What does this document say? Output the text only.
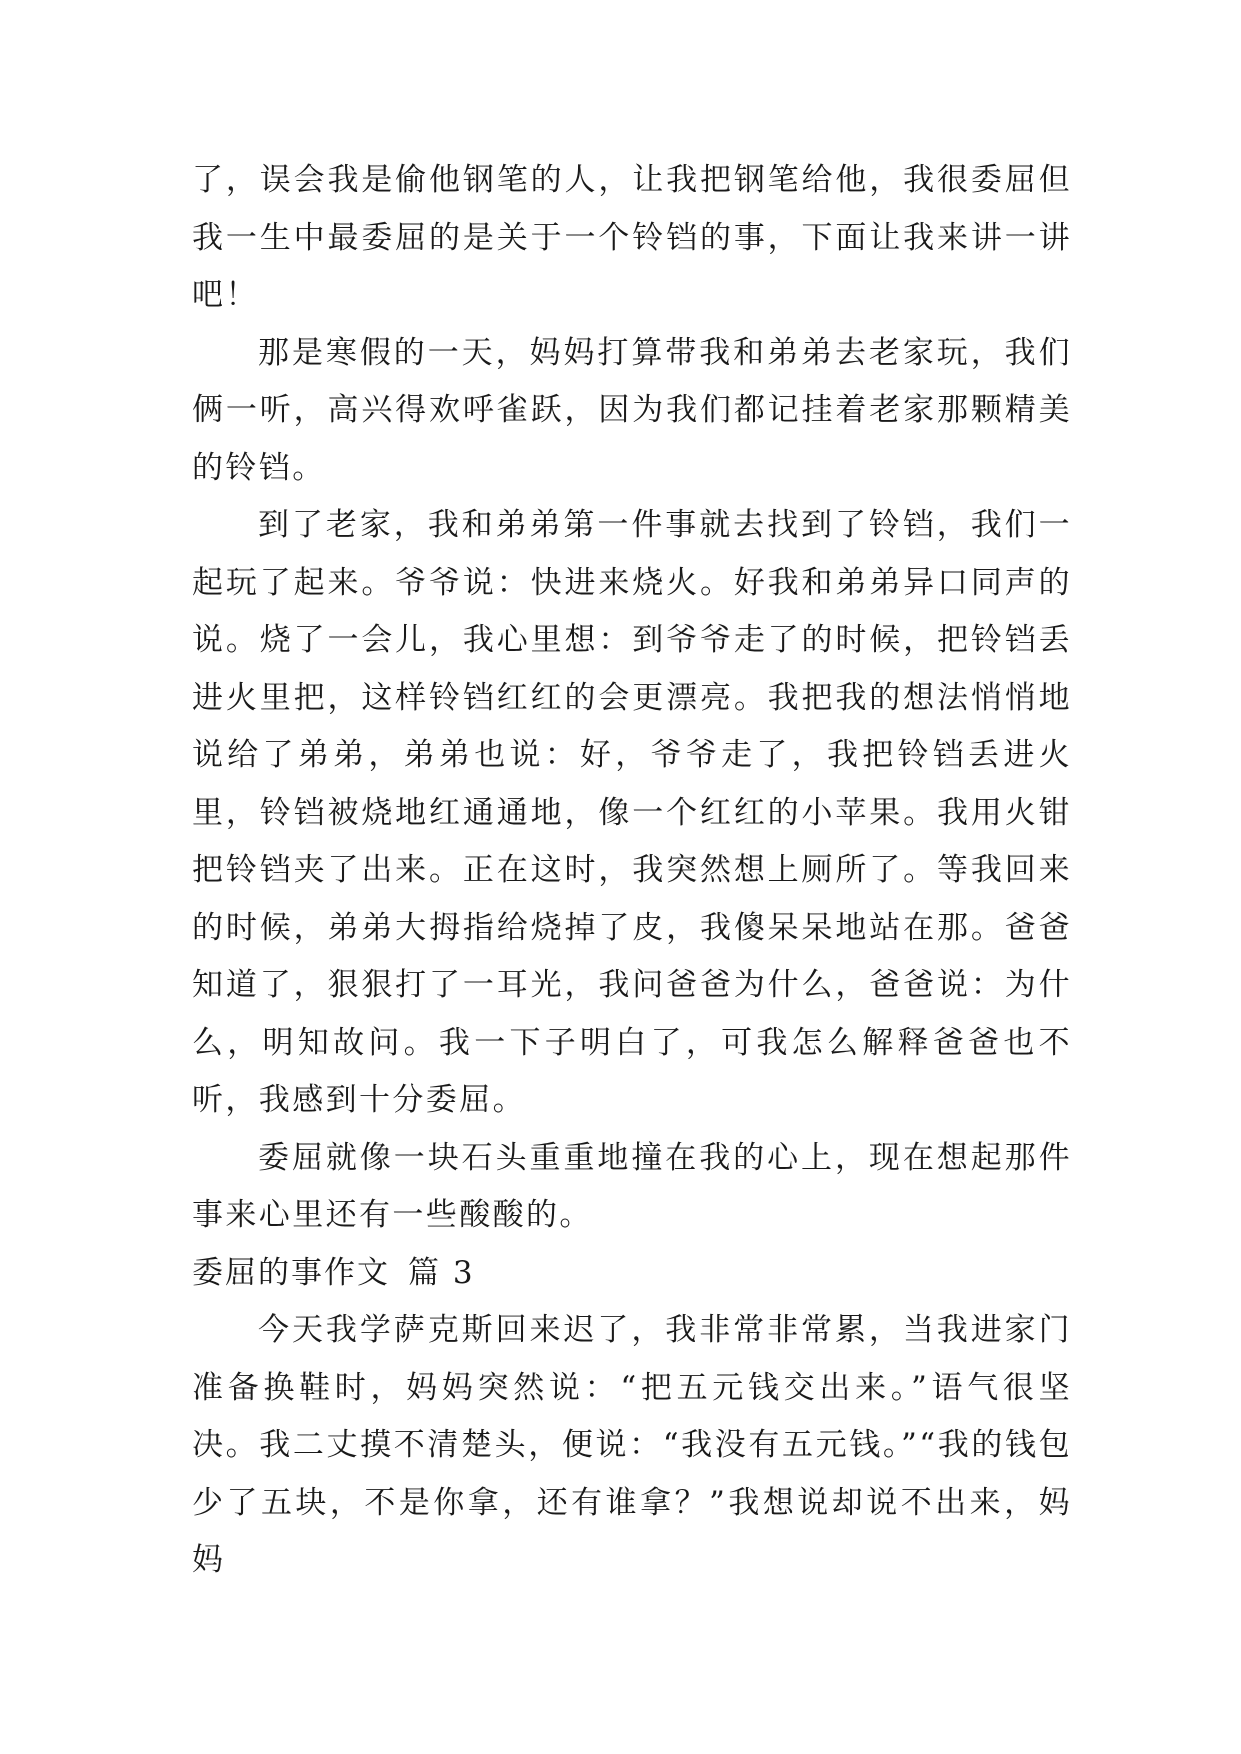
了，误会我是偷他钢笔的人，让我把钢笔给他，我很委屈但我一生中最委屈的是关于一个铃铛的事，下面让我来讲一讲吧！

那是寒假的一天，妈妈打算带我和弟弟去老家玩，我们俩一听，高兴得欢呼雀跃，因为我们都记挂着老家那颗精美的铃铛。

到了老家，我和弟弟第一件事就去找到了铃铛，我们一起玩了起来。爷爷说：快进来烧火。好我和弟弟异口同声的说。烧了一会儿，我心里想：到爷爷走了的时候，把铃铛丢进火里把，这样铃铛红红的会更漂亮。我把我的想法悄悄地说给了弟弟，弟弟也说：好，爷爷走了，我把铃铛丢进火里，铃铛被烧地红通通地，像一个红红的小苹果。我用火钳把铃铛夹了出来。正在这时，我突然想上厕所了。等我回来的时候，弟弟大拇指给烧掉了皮，我傻呆呆地站在那。爸爸知道了，狠狠打了一耳光，我问爸爸为什么，爸爸说：为什么，明知故问。我一下子明白了，可我怎么解释爸爸也不听，我感到十分委屈。

委屈就像一块石头重重地撞在我的心上，现在想起那件事来心里还有一些酸酸的。

委屈的事作文 篇 3

今天我学萨克斯回来迟了，我非常非常累，当我进家门准备换鞋时，妈妈突然说：“把五元钱交出来。”语气很坚决。我二丈摸不清楚头，便说：“我没有五元钱。”“我的钱包少了五块，不是你拿，还有谁拿？”我想说却说不出来，妈妈
